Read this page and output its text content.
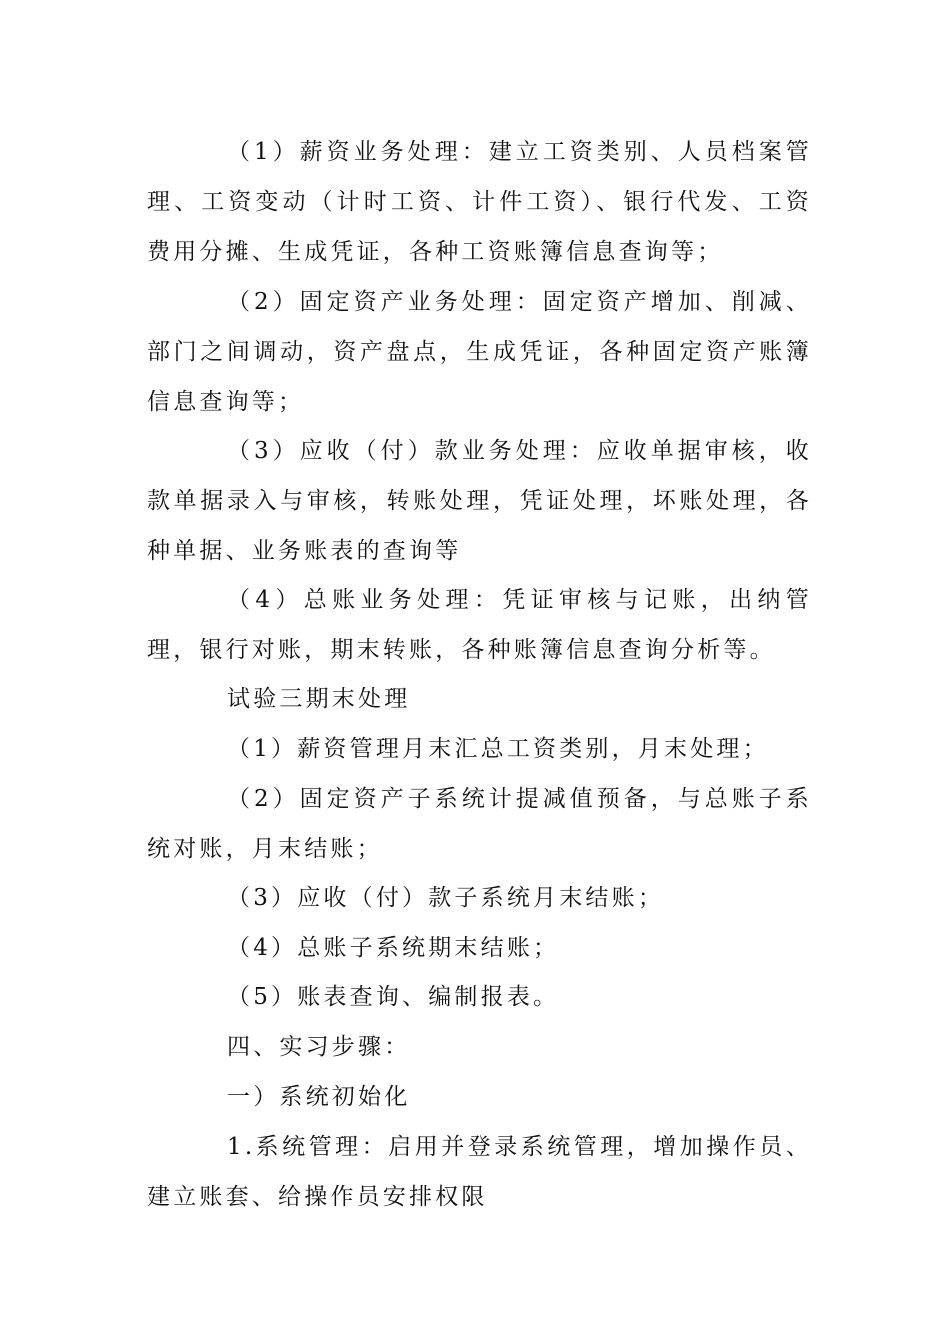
（1）薪资业务处理：建立工资类别、人员档案管理、工资变动（计时工资、计件工资）、银行代发、工资费用分摊、生成凭证，各种工资账簿信息查询等；

（2）固定资产业务处理：固定资产增加、削减、部门之间调动，资产盘点，生成凭证，各种固定资产账簿信息查询等；

（3）应收（付）款业务处理：应收单据审核，收款单据录入与审核，转账处理，凭证处理，坏账处理，各种单据、业务账表的查询等

（4）总账业务处理：凭证审核与记账，出纳管理，银行对账，期末转账，各种账簿信息查询分析等。

试验三期末处理

（1）薪资管理月末汇总工资类别，月末处理；

（2）固定资产子系统计提减值预备，与总账子系统对账，月末结账；

（3）应收（付）款子系统月末结账；

（4）总账子系统期末结账；

（5）账表查询、编制报表。

四、实习步骤：

一）系统初始化

1.系统管理：启用并登录系统管理，增加操作员、建立账套、给操作员安排权限
